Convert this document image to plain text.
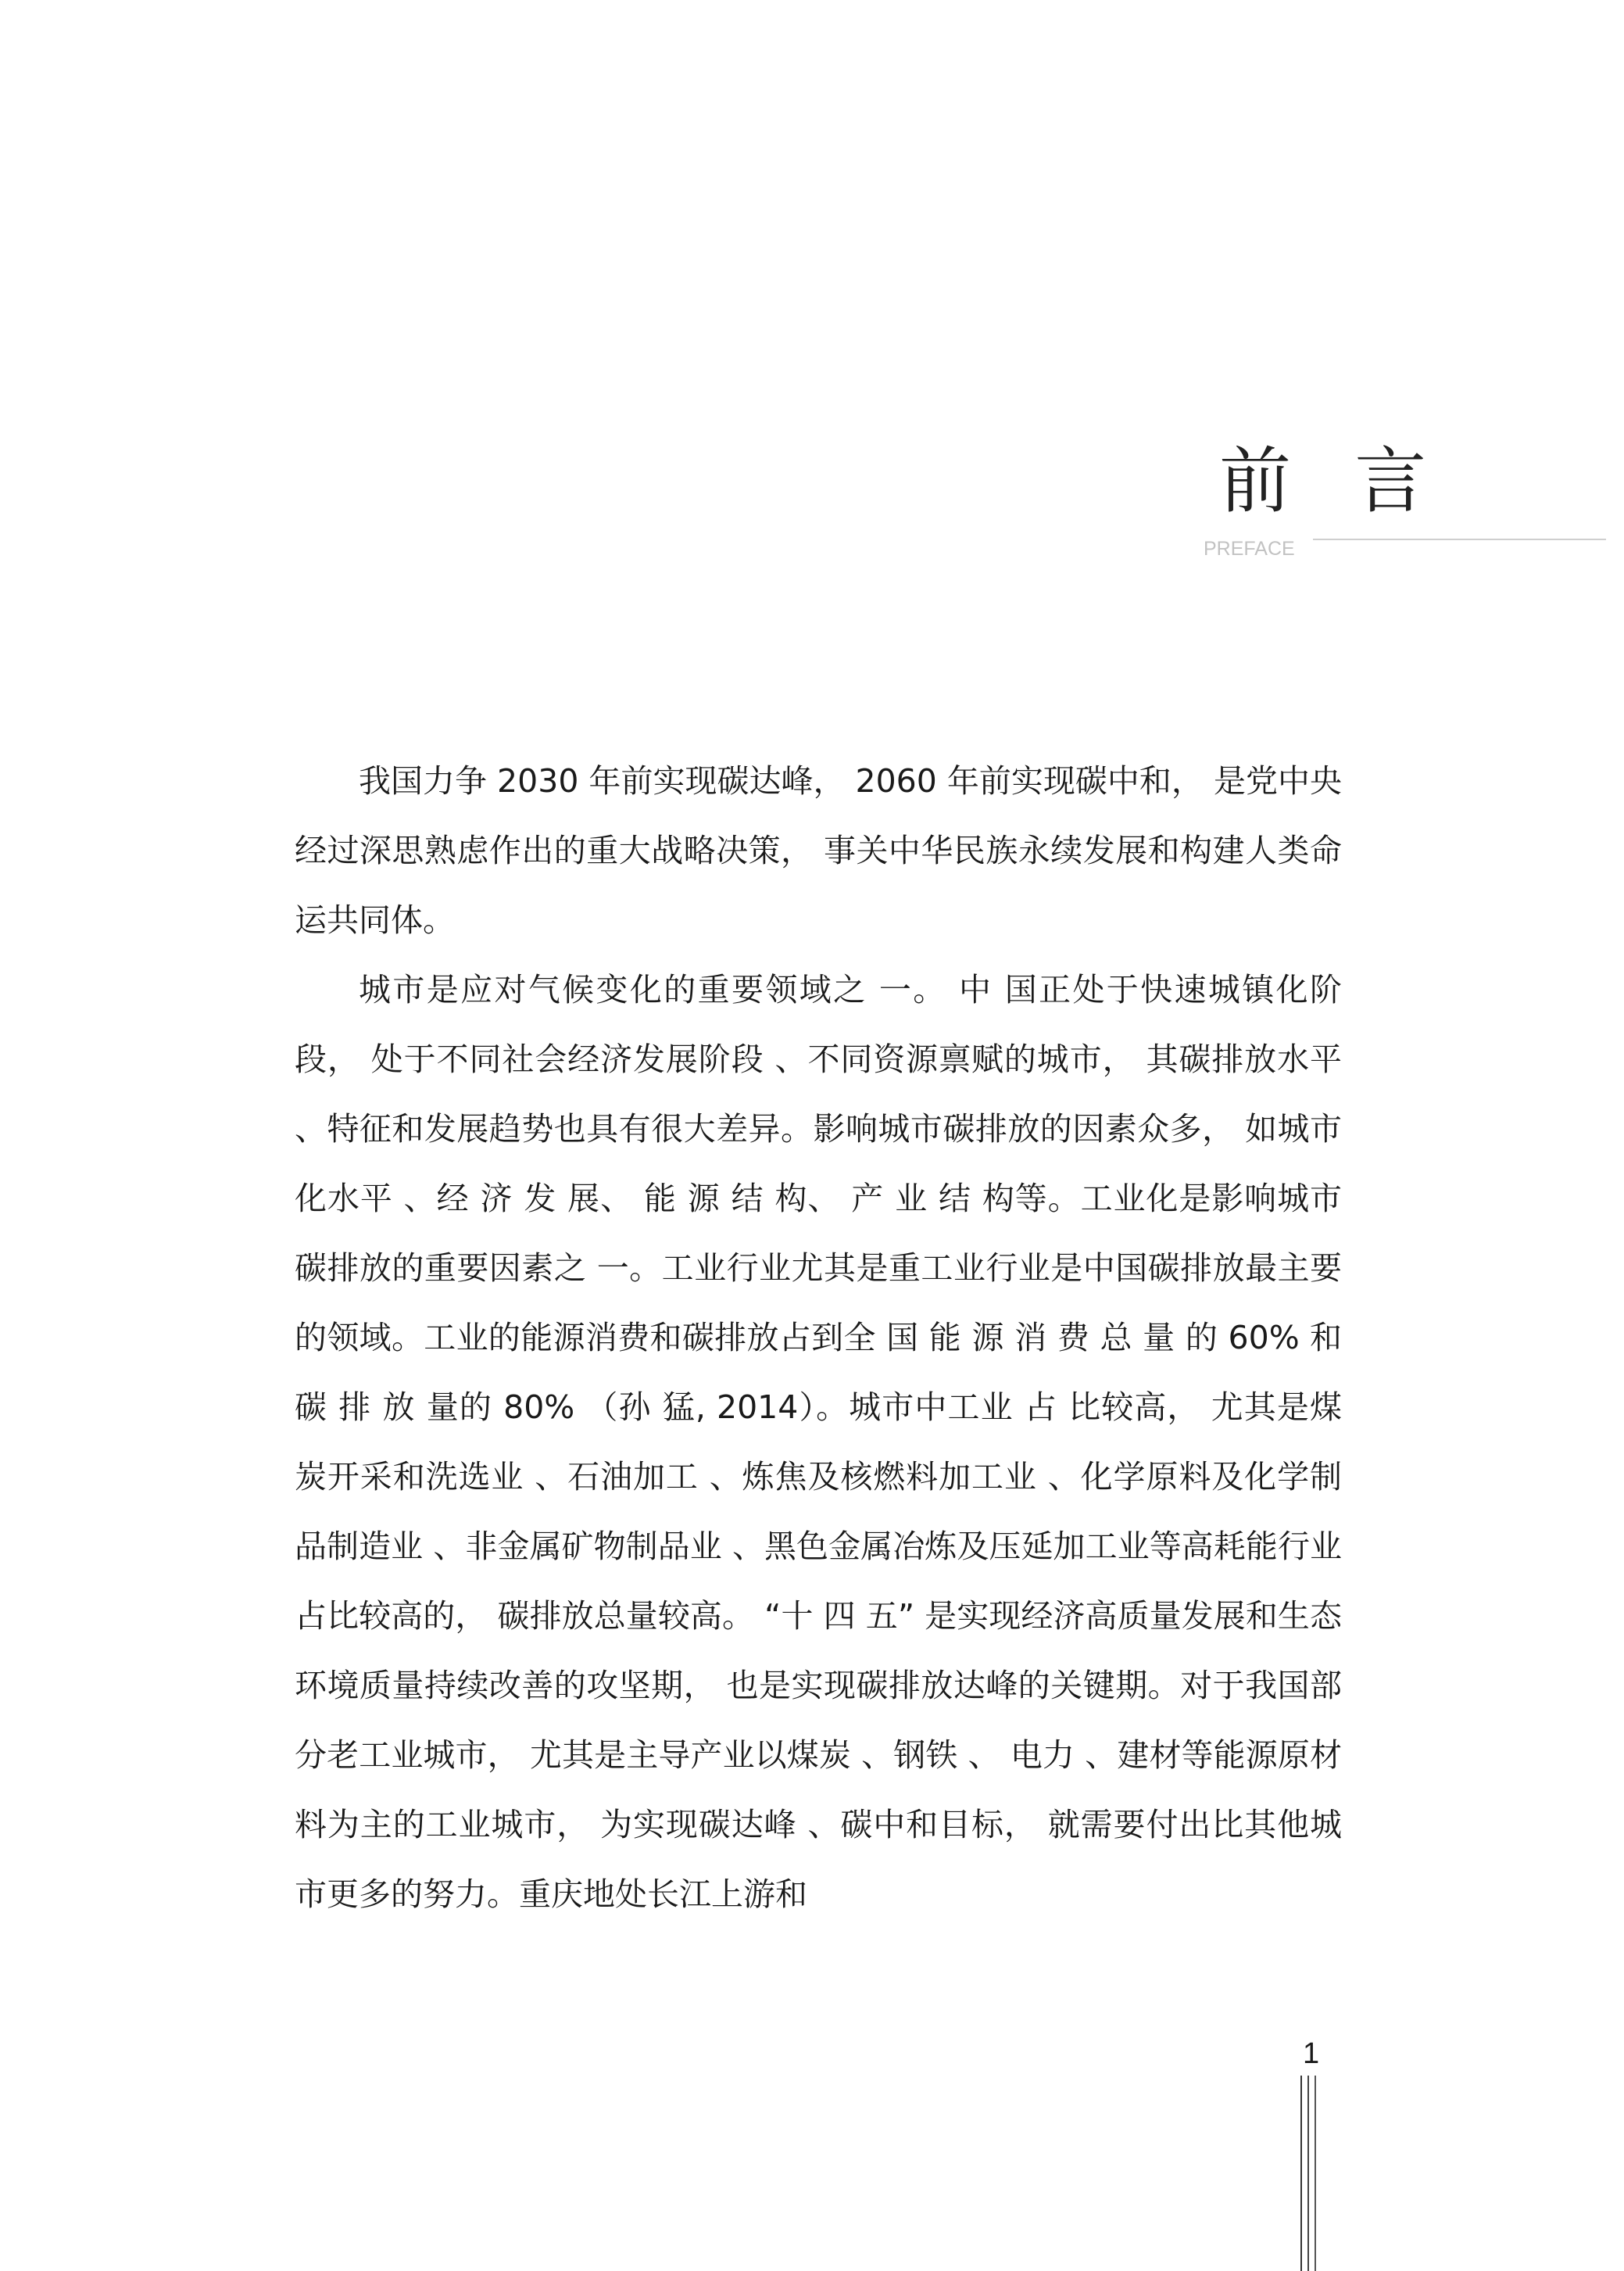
前 言
PREFACE

我国力争 2030 年前实现碳达峰， 2060 年前实现碳中和， 是党中央经过深思熟虑作出的重大战略决策， 事关中华民族永续发展和构建人类命运共同体。

城市是应对气候变化的重要领域之 一。 中 国正处于快速城镇化阶段， 处于不同社会经济发展阶段 、不同资源禀赋的城市， 其碳排放水平 、特征和发展趋势也具有很大差异。影响城市碳排放的因素众多， 如城市化水平 、经 济 发 展、 能 源 结 构、 产 业 结 构等。工业化是影响城市碳排放的重要因素之 一。工业行业尤其是重工业行业是中国碳排放最主要的领域。工业的能源消费和碳排放占到全 国 能 源 消 费 总 量 的 60% 和 碳 排 放 量的 80% （孙 猛, 2014）。城市中工业 占 比较高， 尤其是煤炭开采和洗选业 、石油加工 、炼焦及核燃料加工业 、化学原料及化学制品制造业 、非金属矿物制品业 、黑色金属冶炼及压延加工业等高耗能行业 占比较高的， 碳排放总量较高。 “十 四 五” 是实现经济高质量发展和生态环境质量持续改善的攻坚期， 也是实现碳排放达峰的关键期。对于我国部分老工业城市， 尤其是主导产业以煤炭 、钢铁 、 电力 、建材等能源原材料为主的工业城市， 为实现碳达峰 、碳中和目标， 就需要付出比其他城市更多的努力。重庆地处长江上游和

1
